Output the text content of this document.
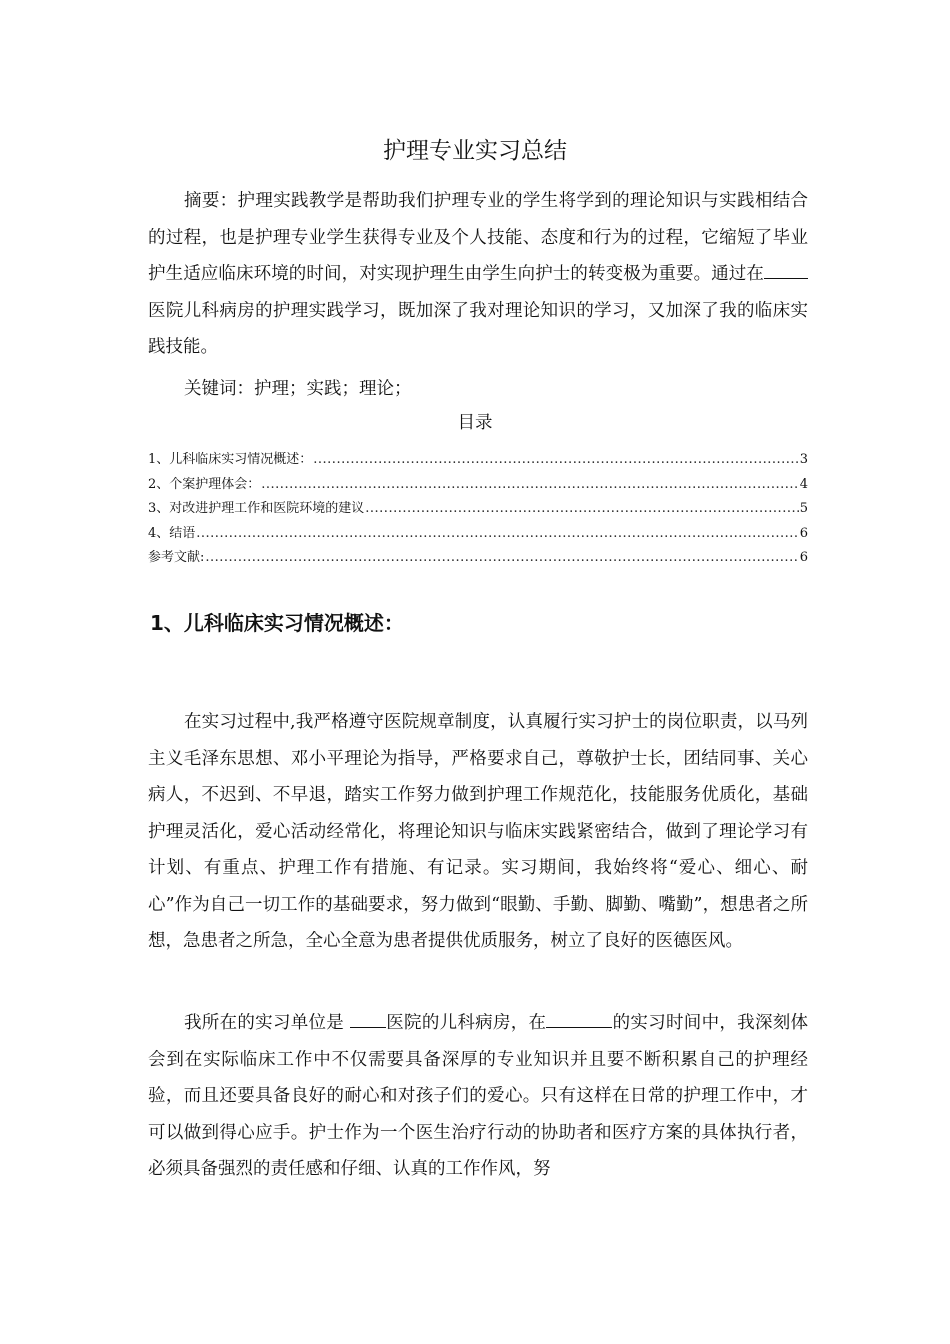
护理专业实习总结

摘要：护理实践教学是帮助我们护理专业的学生将学到的理论知识与实践相结合的过程，也是护理专业学生获得专业及个人技能、态度和行为的过程，它缩短了毕业护生适应临床环境的时间，对实现护理生由学生向护士的转变极为重要。通过在医院儿科病房的护理实践学习，既加深了我对理论知识的学习，又加深了我的临床实践技能。

关键词：护理；实践；理论；
目录
1、儿科临床实习情况概述： .....	3
2、个案护理体会： .....	4
3、对改进护理工作和医院环境的建议 .....	5
4、结语 .....	6
参考文献: .....	6
1、儿科临床实习情况概述：

在实习过程中,我严格遵守医院规章制度，认真履行实习护士的岗位职责，以马列主义毛泽东思想、邓小平理论为指导，严格要求自己，尊敬护士长，团结同事、关心病人，不迟到、不早退，踏实工作努力做到护理工作规范化，技能服务优质化，基础护理灵活化，爱心活动经常化，将理论知识与临床实践紧密结合，做到了理论学习有计划、有重点、护理工作有措施、有记录。实习期间，我始终将“爱心、细心、耐心”作为自己一切工作的基础要求，努力做到“眼勤、手勤、脚勤、嘴勤”，想患者之所想，急患者之所急，全心全意为患者提供优质服务，树立了良好的医德医风。

我所在的实习单位是 医院的儿科病房，在	的实习时间中，我深刻体会到在实际临床工作中不仅需要具备深厚的专业知识并且要不断积累自己的护理经验，而且还要具备良好的耐心和对孩子们的爱心。只有这样在日常的护理工作中，才可以做到得心应手。护士作为一个医生治疗行动的协助者和医疗方案的具体执行者，必须具备强烈的责任感和仔细、认真的工作作风，努
